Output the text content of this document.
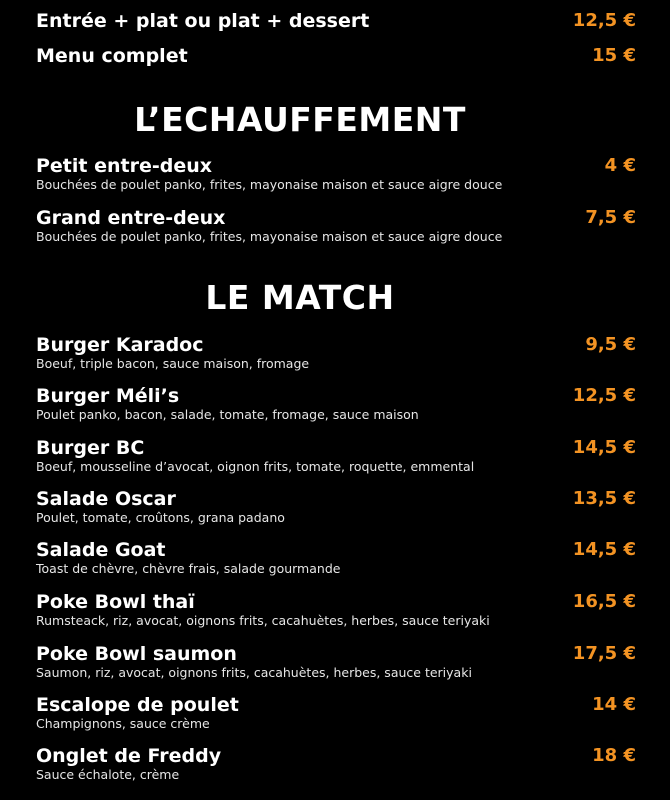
Entrée + plat ou plat + dessert	12,5 €
Menu complet	15 €
L’ECHAUFFEMENT
Petit entre-deux
Bouchées de poulet panko, frites, mayonaise maison et sauce aigre douce
4 €
Grand entre-deux
Bouchées de poulet panko, frites, mayonaise maison et sauce aigre douce
7,5 €
LE MATCH
Burger Karadoc
Boeuf, triple bacon, sauce maison, fromage
9,5 €
Burger Méli’s
Poulet panko, bacon, salade, tomate, fromage, sauce maison
12,5 €
Burger BC
Boeuf, mousseline d’avocat, oignon frits, tomate, roquette, emmental
14,5 €
Salade Oscar
Poulet, tomate, croûtons, grana padano
13,5 €
Salade Goat
Toast de chèvre, chèvre frais, salade gourmande
14,5 €
Poke Bowl thaï
Rumsteack, riz, avocat, oignons frits, cacahuètes, herbes, sauce teriyaki
16,5 €
Poke Bowl saumon
Saumon, riz, avocat, oignons frits, cacahuètes, herbes, sauce teriyaki
17,5 €
Escalope de poulet
Champignons, sauce crème
14 €
Onglet de Freddy
Sauce échalote, crème
18 €
